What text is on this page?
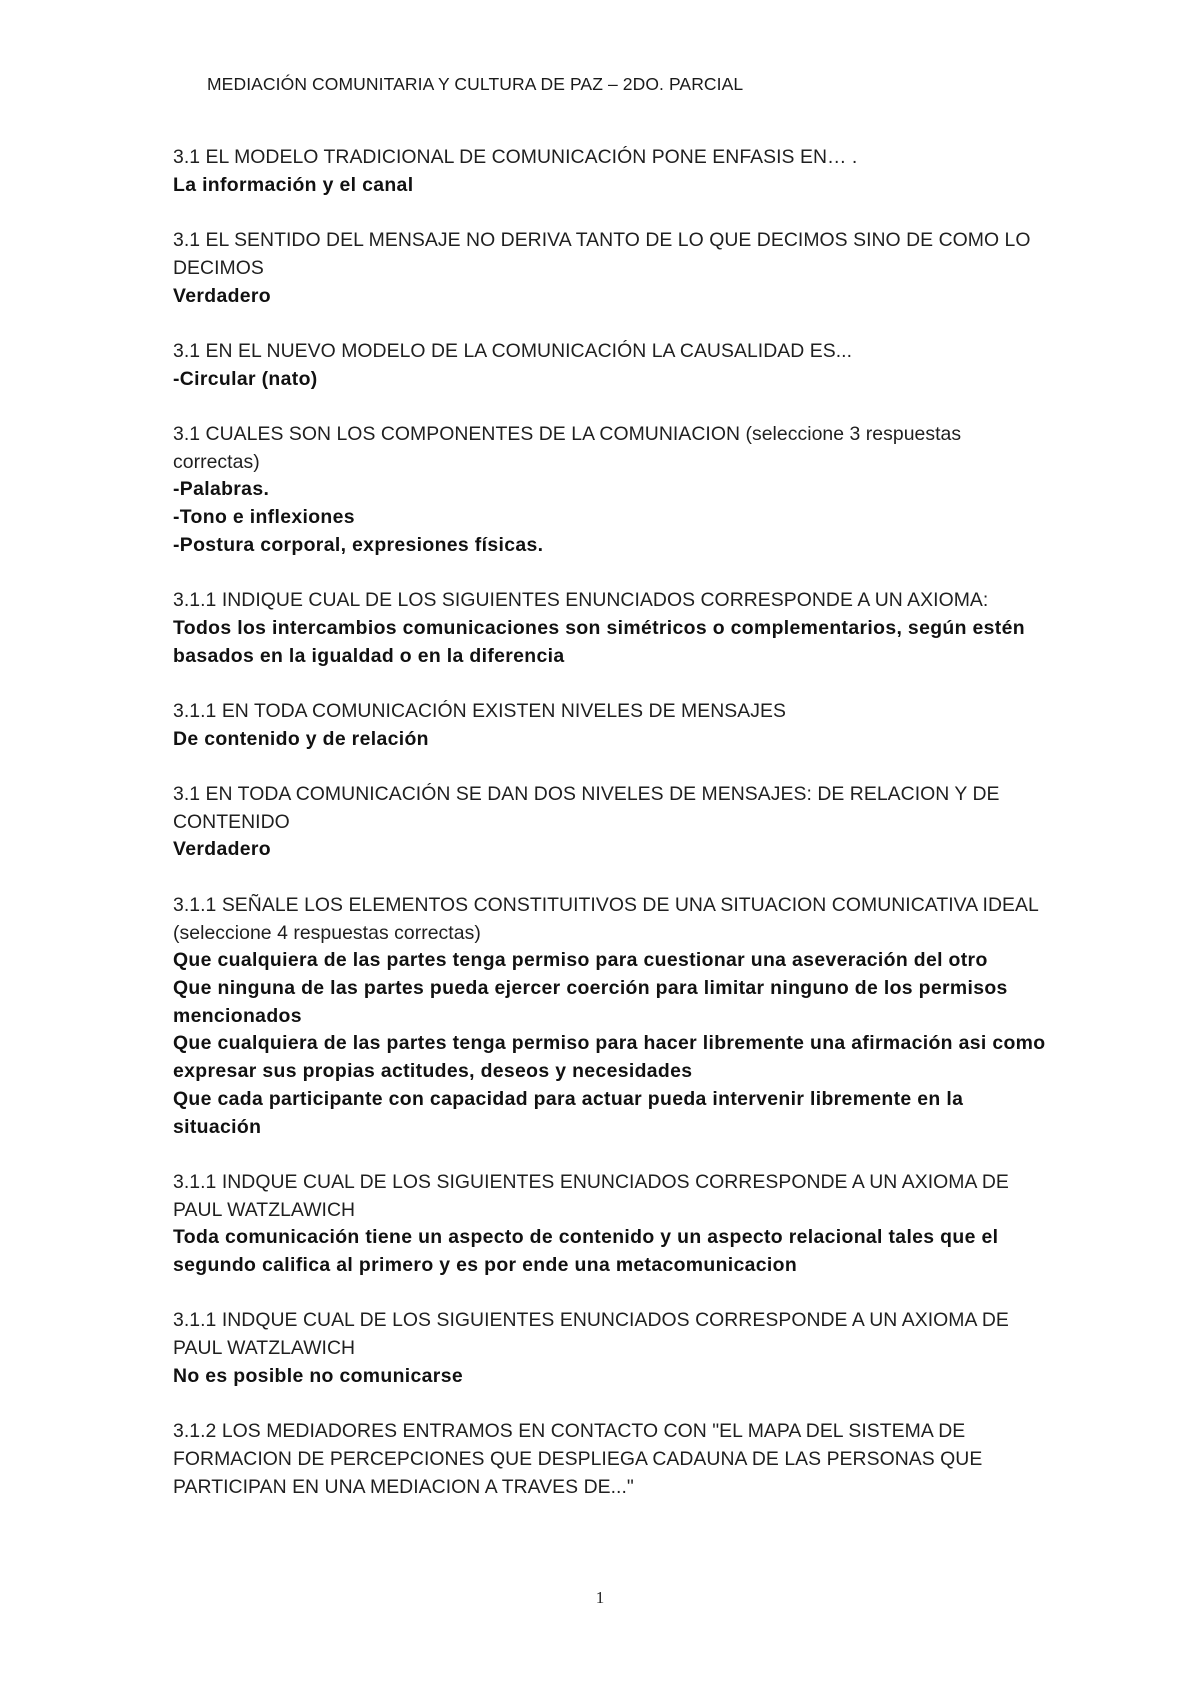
MEDIACIÓN COMUNITARIA Y CULTURA DE PAZ – 2DO. PARCIAL
3.1 EL MODELO TRADICIONAL DE COMUNICACIÓN PONE ENFASIS EN… .
La información y el canal
3.1 EL SENTIDO DEL MENSAJE NO DERIVA TANTO DE LO QUE DECIMOS SINO DE COMO LO DECIMOS
Verdadero
3.1 EN EL NUEVO MODELO DE LA COMUNICACIÓN LA CAUSALIDAD ES...
-Circular (nato)
3.1 CUALES SON LOS COMPONENTES DE LA COMUNIACION (seleccione 3 respuestas correctas)
-Palabras.
-Tono e inflexiones
-Postura corporal, expresiones físicas.
3.1.1 INDIQUE CUAL DE LOS SIGUIENTES ENUNCIADOS CORRESPONDE A UN AXIOMA:
Todos los intercambios comunicaciones son simétricos o complementarios, según estén basados en la igualdad o en la diferencia
3.1.1 EN TODA COMUNICACIÓN EXISTEN NIVELES DE MENSAJES
De contenido y de relación
3.1 EN TODA COMUNICACIÓN SE DAN DOS NIVELES DE MENSAJES: DE RELACION Y DE CONTENIDO
Verdadero
3.1.1 SEÑALE LOS ELEMENTOS CONSTITUITIVOS DE UNA SITUACION COMUNICATIVA IDEAL (seleccione 4 respuestas correctas)
Que cualquiera de las partes tenga permiso para cuestionar una aseveración del otro
Que ninguna de las partes pueda ejercer coerción para limitar ninguno de los permisos mencionados
Que cualquiera de las partes tenga permiso para hacer libremente una afirmación asi como expresar sus propias actitudes, deseos y necesidades
Que cada participante con capacidad para actuar pueda intervenir libremente en la situación
3.1.1 INDQUE CUAL DE LOS SIGUIENTES ENUNCIADOS CORRESPONDE A UN AXIOMA DE PAUL WATZLAWICH
Toda comunicación tiene un aspecto de contenido y un aspecto relacional tales que el segundo califica al primero y es por ende una metacomunicacion
3.1.1 INDQUE CUAL DE LOS SIGUIENTES ENUNCIADOS CORRESPONDE A UN AXIOMA DE PAUL WATZLAWICH
No es posible no comunicarse
3.1.2 LOS MEDIADORES ENTRAMOS EN CONTACTO CON "EL MAPA DEL SISTEMA DE FORMACION DE PERCEPCIONES QUE DESPLIEGA CADAUNA DE LAS PERSONAS QUE PARTICIPAN EN UNA MEDIACION A TRAVES DE..."
1
